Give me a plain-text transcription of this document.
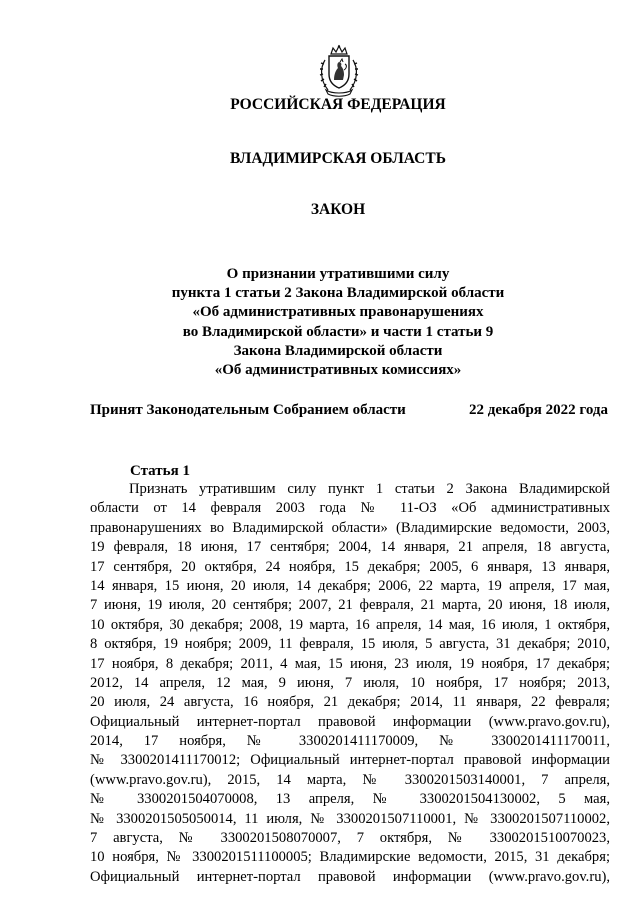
РОССИЙСКАЯ ФЕДЕРАЦИЯ
ВЛАДИМИРСКАЯ ОБЛАСТЬ
ЗАКОН
О признании утратившими силу
пункта 1 статьи 2 Закона Владимирской области
«Об административных правонарушениях
во Владимирской области» и части 1 статьи 9
Закона Владимирской области
«Об административных комиссиях»
Принят Законодательным Собранием области	22 декабря 2022 года
Статья 1
Признать утратившим силу пункт 1 статьи 2 Закона Владимирской
области от 14 февраля 2003 года № 11-ОЗ «Об административных
правонарушениях во Владимирской области» (Владимирские ведомости, 2003,
19 февраля, 18 июня, 17 сентября; 2004, 14 января, 21 апреля, 18 августа,
17 сентября, 20 октября, 24 ноября, 15 декабря; 2005, 6 января, 13 января,
14 января, 15 июня, 20 июля, 14 декабря; 2006, 22 марта, 19 апреля, 17 мая,
7 июня, 19 июля, 20 сентября; 2007, 21 февраля, 21 марта, 20 июня, 18 июля,
10 октября, 30 декабря; 2008, 19 марта, 16 апреля, 14 мая, 16 июля, 1 октября,
8 октября, 19 ноября; 2009, 11 февраля, 15 июля, 5 августа, 31 декабря; 2010,
17 ноября, 8 декабря; 2011, 4 мая, 15 июня, 23 июля, 19 ноября, 17 декабря;
2012, 14 апреля, 12 мая, 9 июня, 7 июля, 10 ноября, 17 ноября; 2013,
20 июля, 24 августа, 16 ноября, 21 декабря; 2014, 11 января, 22 февраля;
Официальный интернет-портал правовой информации (www.pravo.gov.ru),
2014, 17 ноября, № 3300201411170009, № 3300201411170011,
№ 3300201411170012; Официальный интернет-портал правовой информации
(www.pravo.gov.ru), 2015, 14 марта, № 3300201503140001, 7 апреля,
№ 3300201504070008, 13 апреля, № 3300201504130002, 5 мая,
№ 3300201505050014, 11 июля, № 3300201507110001, № 3300201507110002,
7 августа, № 3300201508070007, 7 октября, № 3300201510070023,
10 ноября, № 3300201511100005; Владимирские ведомости, 2015, 31 декабря;
Официальный интернет-портал правовой информации (www.pravo.gov.ru),
